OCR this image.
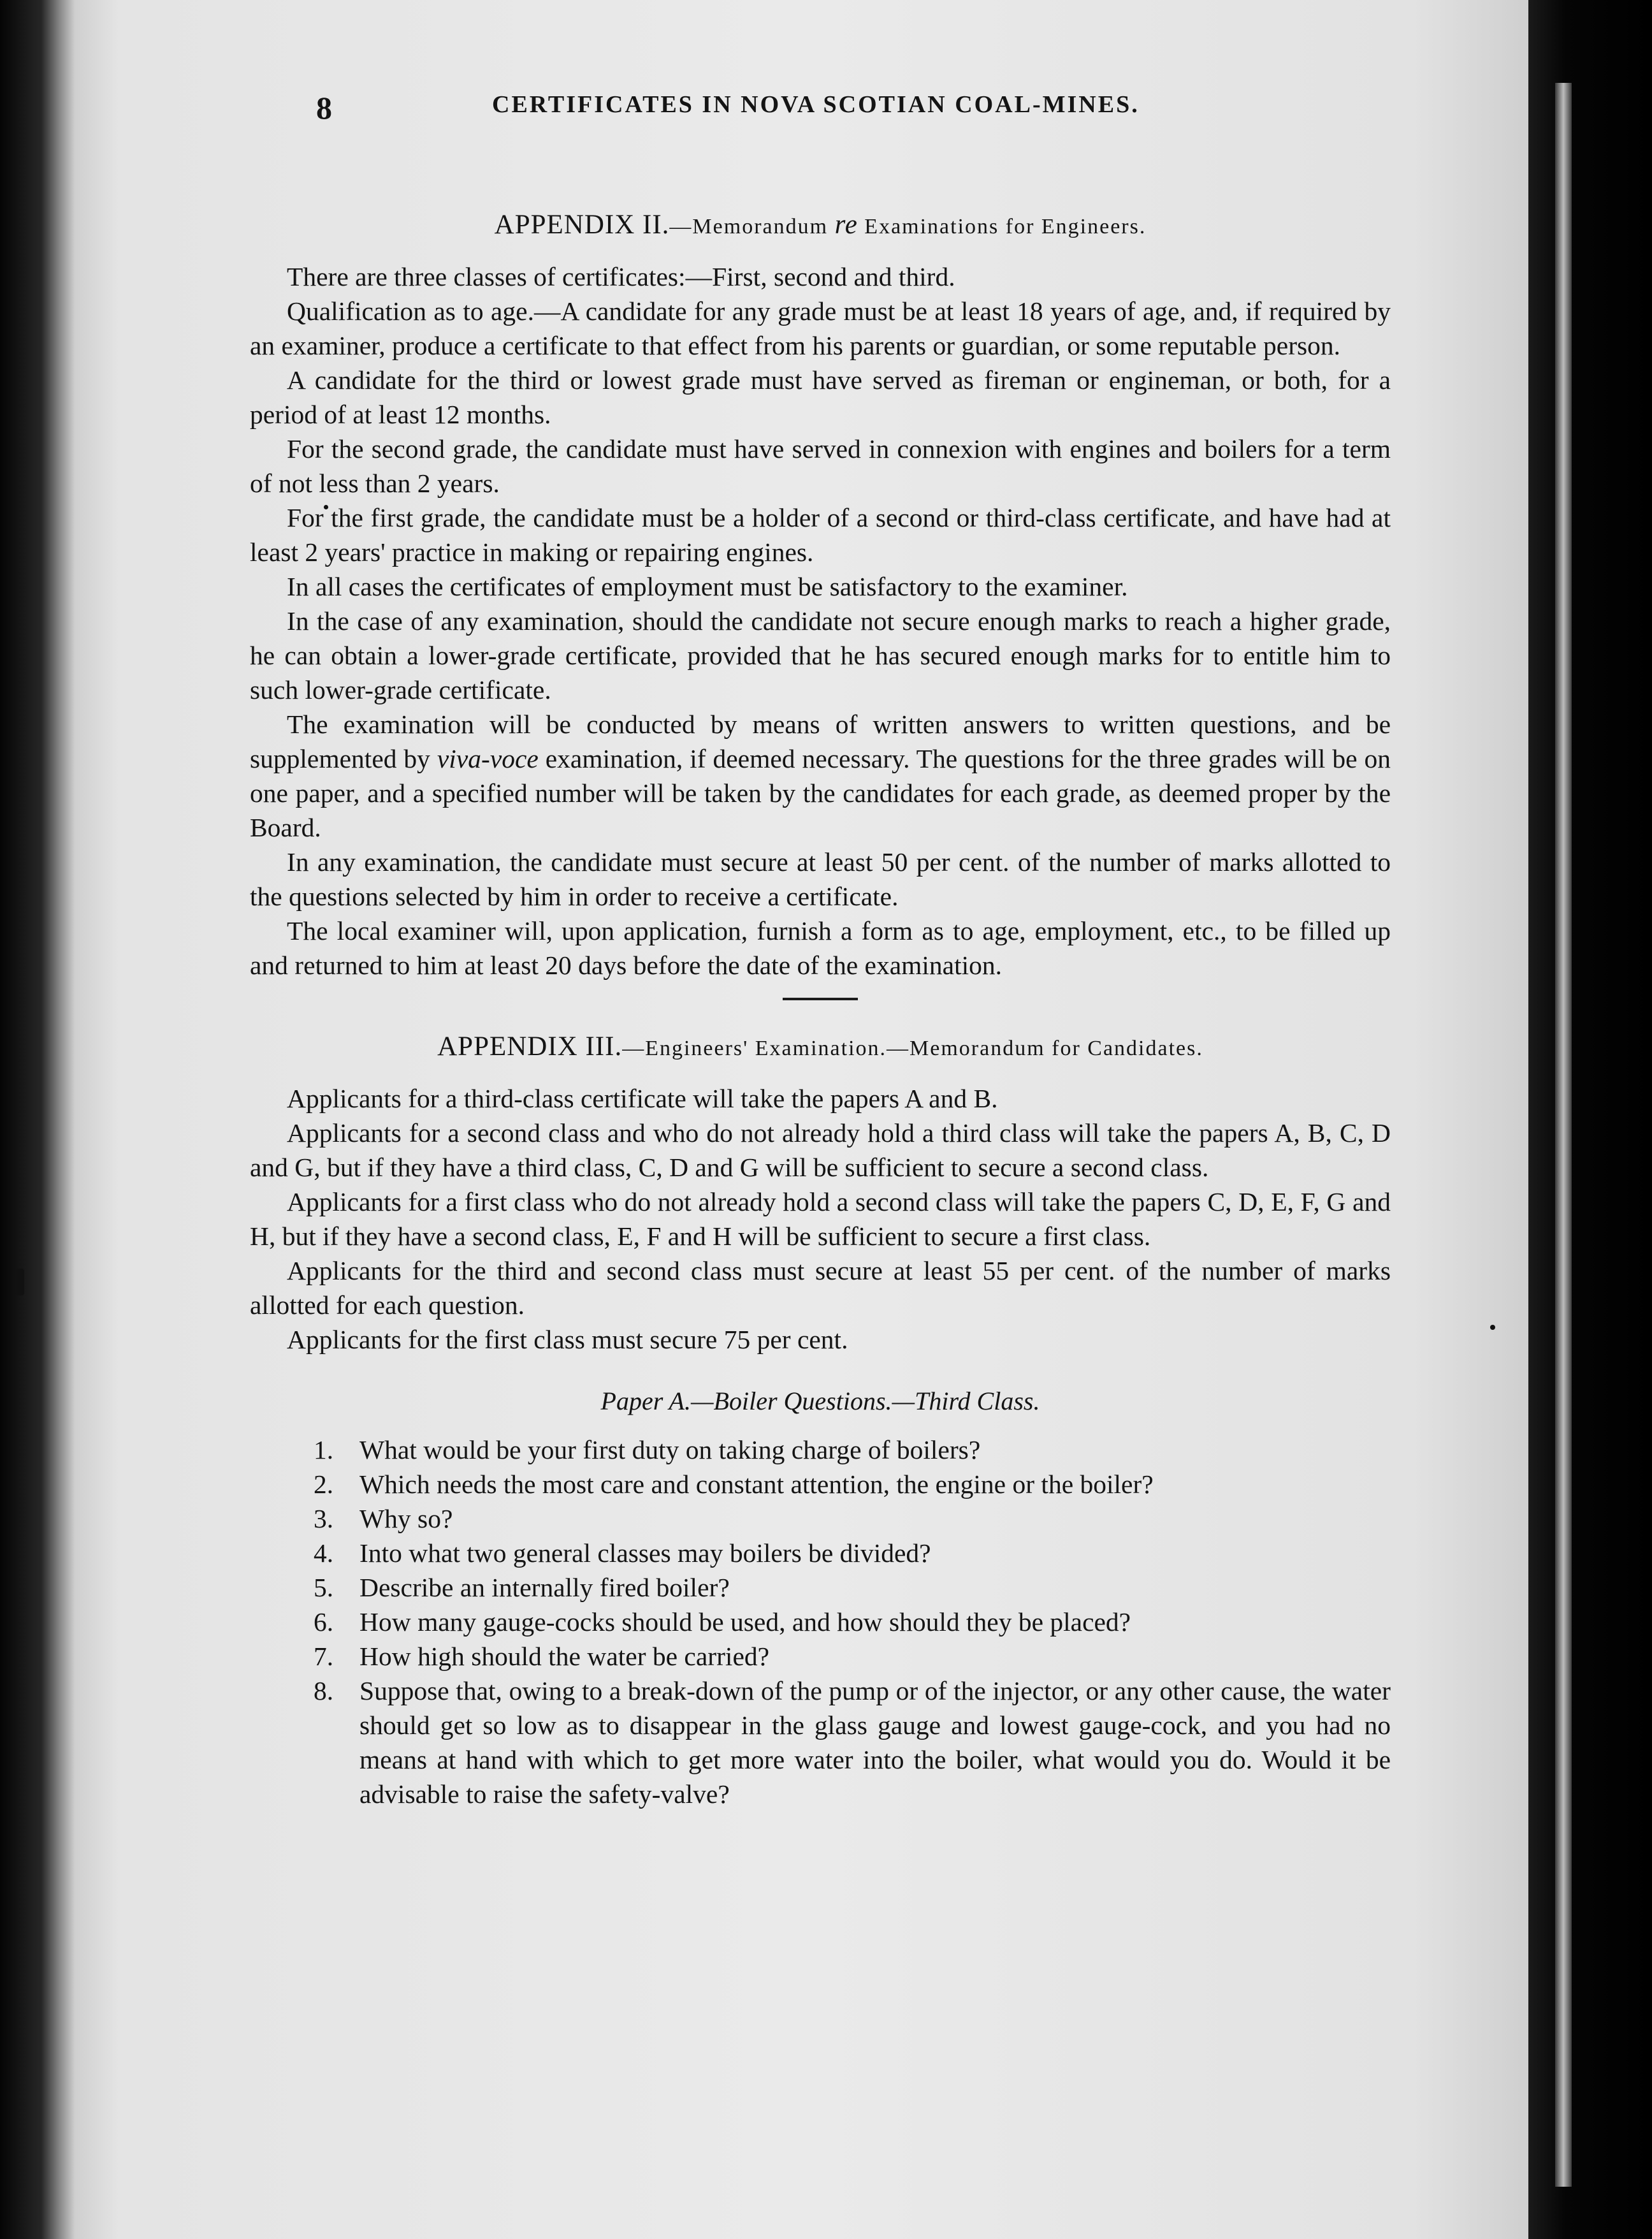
8	CERTIFICATES IN NOVA SCOTIAN COAL-MINES.
APPENDIX II.—Memorandum re Examinations for Engineers.

There are three classes of certificates:—First, second and third.

Qualification as to age.—A candidate for any grade must be at least 18 years of age, and, if required by an examiner, produce a certificate to that effect from his parents or guardian, or some reputable person.

A candidate for the third or lowest grade must have served as fireman or engineman, or both, for a period of at least 12 months.

For the second grade, the candidate must have served in connexion with engines and boilers for a term of not less than 2 years.

For the first grade, the candidate must be a holder of a second or third-class certificate, and have had at least 2 years' practice in making or repairing engines.

In all cases the certificates of employment must be satisfactory to the examiner.

In the case of any examination, should the candidate not secure enough marks to reach a higher grade, he can obtain a lower-grade certificate, provided that he has secured enough marks for to entitle him to such lower-grade certificate.

The examination will be conducted by means of written answers to written questions, and be supplemented by viva-voce examination, if deemed necessary. The questions for the three grades will be on one paper, and a specified number will be taken by the candidates for each grade, as deemed proper by the Board.

In any examination, the candidate must secure at least 50 per cent. of the number of marks allotted to the questions selected by him in order to receive a certificate.

The local examiner will, upon application, furnish a form as to age, employment, etc., to be filled up and returned to him at least 20 days before the date of the examination.

APPENDIX III.—Engineers' Examination.—Memorandum for Candidates.

Applicants for a third-class certificate will take the papers A and B.

Applicants for a second class and who do not already hold a third class will take the papers A, B, C, D and G, but if they have a third class, C, D and G will be sufficient to secure a second class.

Applicants for a first class who do not already hold a second class will take the papers C, D, E, F, G and H, but if they have a second class, E, F and H will be sufficient to secure a first class.

Applicants for the third and second class must secure at least 55 per cent. of the number of marks allotted for each question.

Applicants for the first class must secure 75 per cent.

Paper A.—Boiler Questions.—Third Class.
1. What would be your first duty on taking charge of boilers?
2. Which needs the most care and constant attention, the engine or the boiler?
3. Why so?
4. Into what two general classes may boilers be divided?
5. Describe an internally fired boiler?
6. How many gauge-cocks should be used, and how should they be placed?
7. How high should the water be carried?
8. Suppose that, owing to a break-down of the pump or of the injector, or any other cause, the water should get so low as to disappear in the glass gauge and lowest gauge-cock, and you had no means at hand with which to get more water into the boiler, what would you do. Would it be advisable to raise the safety-valve?
